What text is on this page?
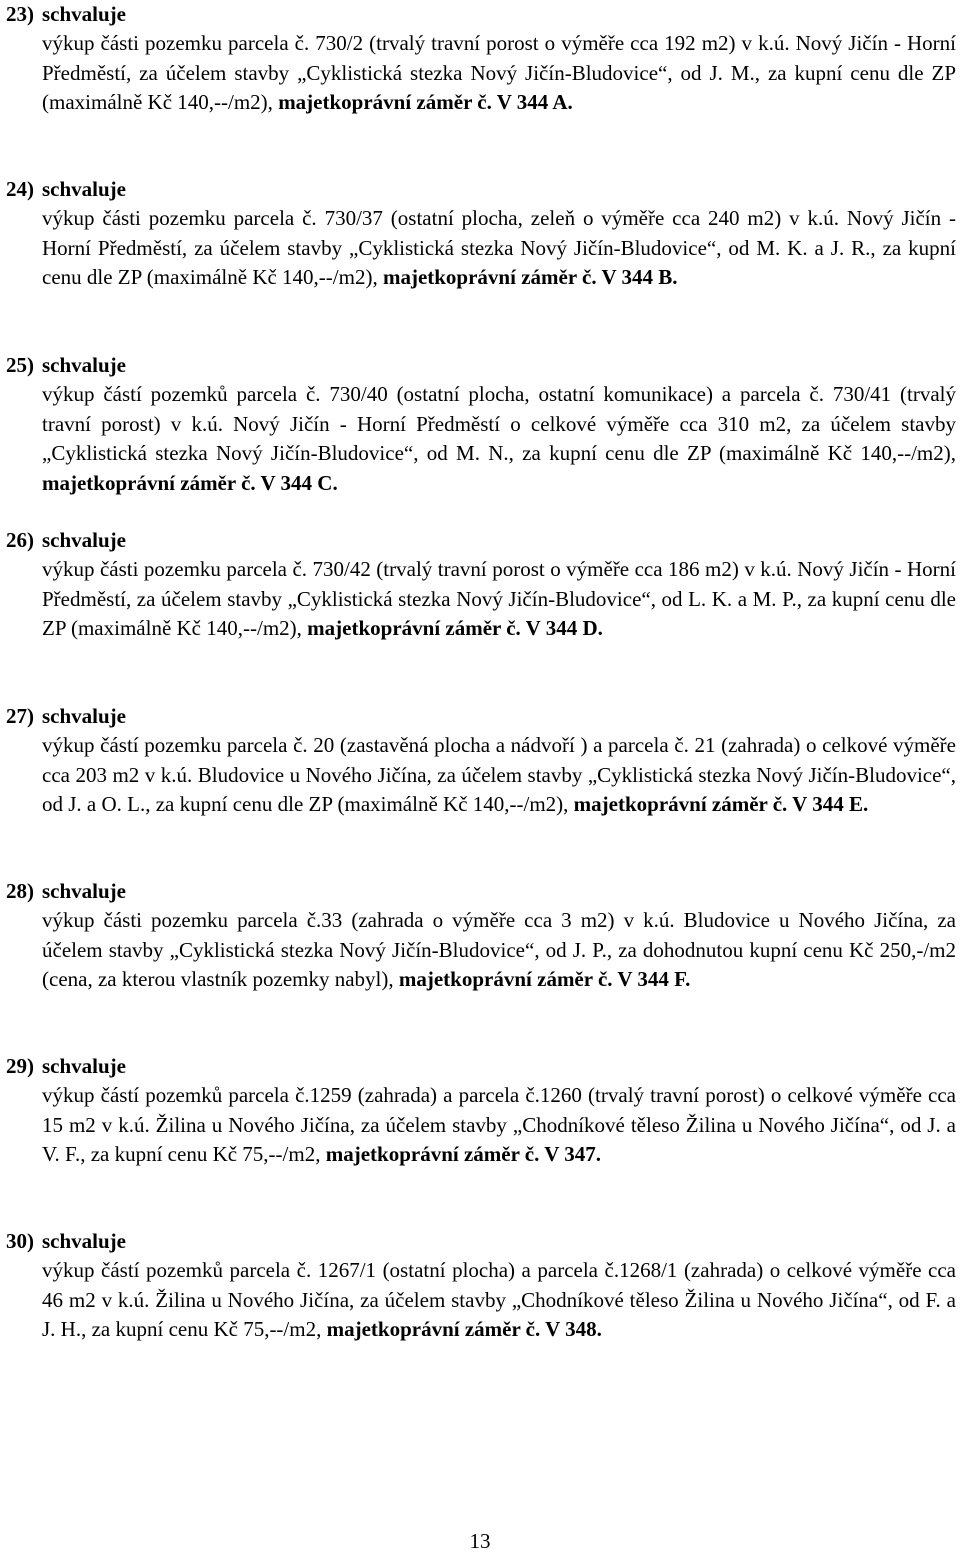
23) schvaluje
výkup části pozemku parcela č. 730/2 (trvalý travní porost o výměře cca 192 m2) v k.ú. Nový Jičín - Horní Předměstí, za účelem stavby „Cyklistická stezka Nový Jičín-Bludovice“, od J. M., za kupní cenu dle ZP (maximálně Kč 140,--/m2), majetkoprávní záměr č. V 344 A.
24) schvaluje
výkup části pozemku parcela č. 730/37 (ostatní plocha, zeleň o výměře cca 240 m2) v k.ú. Nový Jičín - Horní Předměstí, za účelem stavby „Cyklistická stezka Nový Jičín-Bludovice“, od M. K. a J. R., za kupní cenu dle ZP (maximálně Kč 140,--/m2), majetkoprávní záměr č. V 344 B.
25) schvaluje
výkup částí pozemků parcela č. 730/40 (ostatní plocha, ostatní komunikace) a parcela č. 730/41 (trvalý travní porost) v k.ú. Nový Jičín - Horní Předměstí o celkové výměře cca 310 m2, za účelem stavby „Cyklistická stezka Nový Jičín-Bludovice“, od M. N., za kupní cenu dle ZP (maximálně Kč 140,--/m2), majetkoprávní záměr č. V 344 C.
26) schvaluje
výkup části pozemku parcela č. 730/42 (trvalý travní porost o výměře cca 186 m2) v k.ú. Nový Jičín - Horní Předměstí, za účelem stavby „Cyklistická stezka Nový Jičín-Bludovice“, od L. K. a M. P., za kupní cenu dle ZP (maximálně Kč 140,--/m2), majetkoprávní záměr č. V 344 D.
27) schvaluje
výkup částí pozemku parcela č. 20 (zastavěná plocha a nádvoří ) a parcela č. 21 (zahrada) o celkové výměře cca 203 m2 v k.ú. Bludovice u Nového Jičína, za účelem stavby „Cyklistická stezka Nový Jičín-Bludovice“, od J. a O. L., za kupní cenu dle ZP (maximálně Kč 140,--/m2), majetkoprávní záměr č. V 344 E.
28) schvaluje
výkup části pozemku parcela č.33 (zahrada o výměře cca 3 m2) v k.ú. Bludovice u Nového Jičína, za účelem stavby „Cyklistická stezka Nový Jičín-Bludovice“, od J. P., za dohodnutou kupní cenu Kč 250,-/m2 (cena, za kterou vlastník pozemky nabyl), majetkoprávní záměr č. V 344 F.
29) schvaluje
výkup částí pozemků parcela č.1259 (zahrada) a parcela č.1260 (trvalý travní porost) o celkové výměře cca 15 m2 v k.ú. Žilina u Nového Jičína, za účelem stavby „Chodníkové těleso Žilina u Nového Jičína“, od J. a V. F., za kupní cenu Kč 75,--/m2, majetkoprávní záměr č. V 347.
30) schvaluje
výkup částí pozemků parcela č. 1267/1 (ostatní plocha) a parcela č.1268/1 (zahrada) o celkové výměře cca 46 m2 v k.ú. Žilina u Nového Jičína, za účelem stavby „Chodníkové těleso Žilina u Nového Jičína“, od F. a J. H., za kupní cenu Kč 75,--/m2, majetkoprávní záměr č. V 348.
13
